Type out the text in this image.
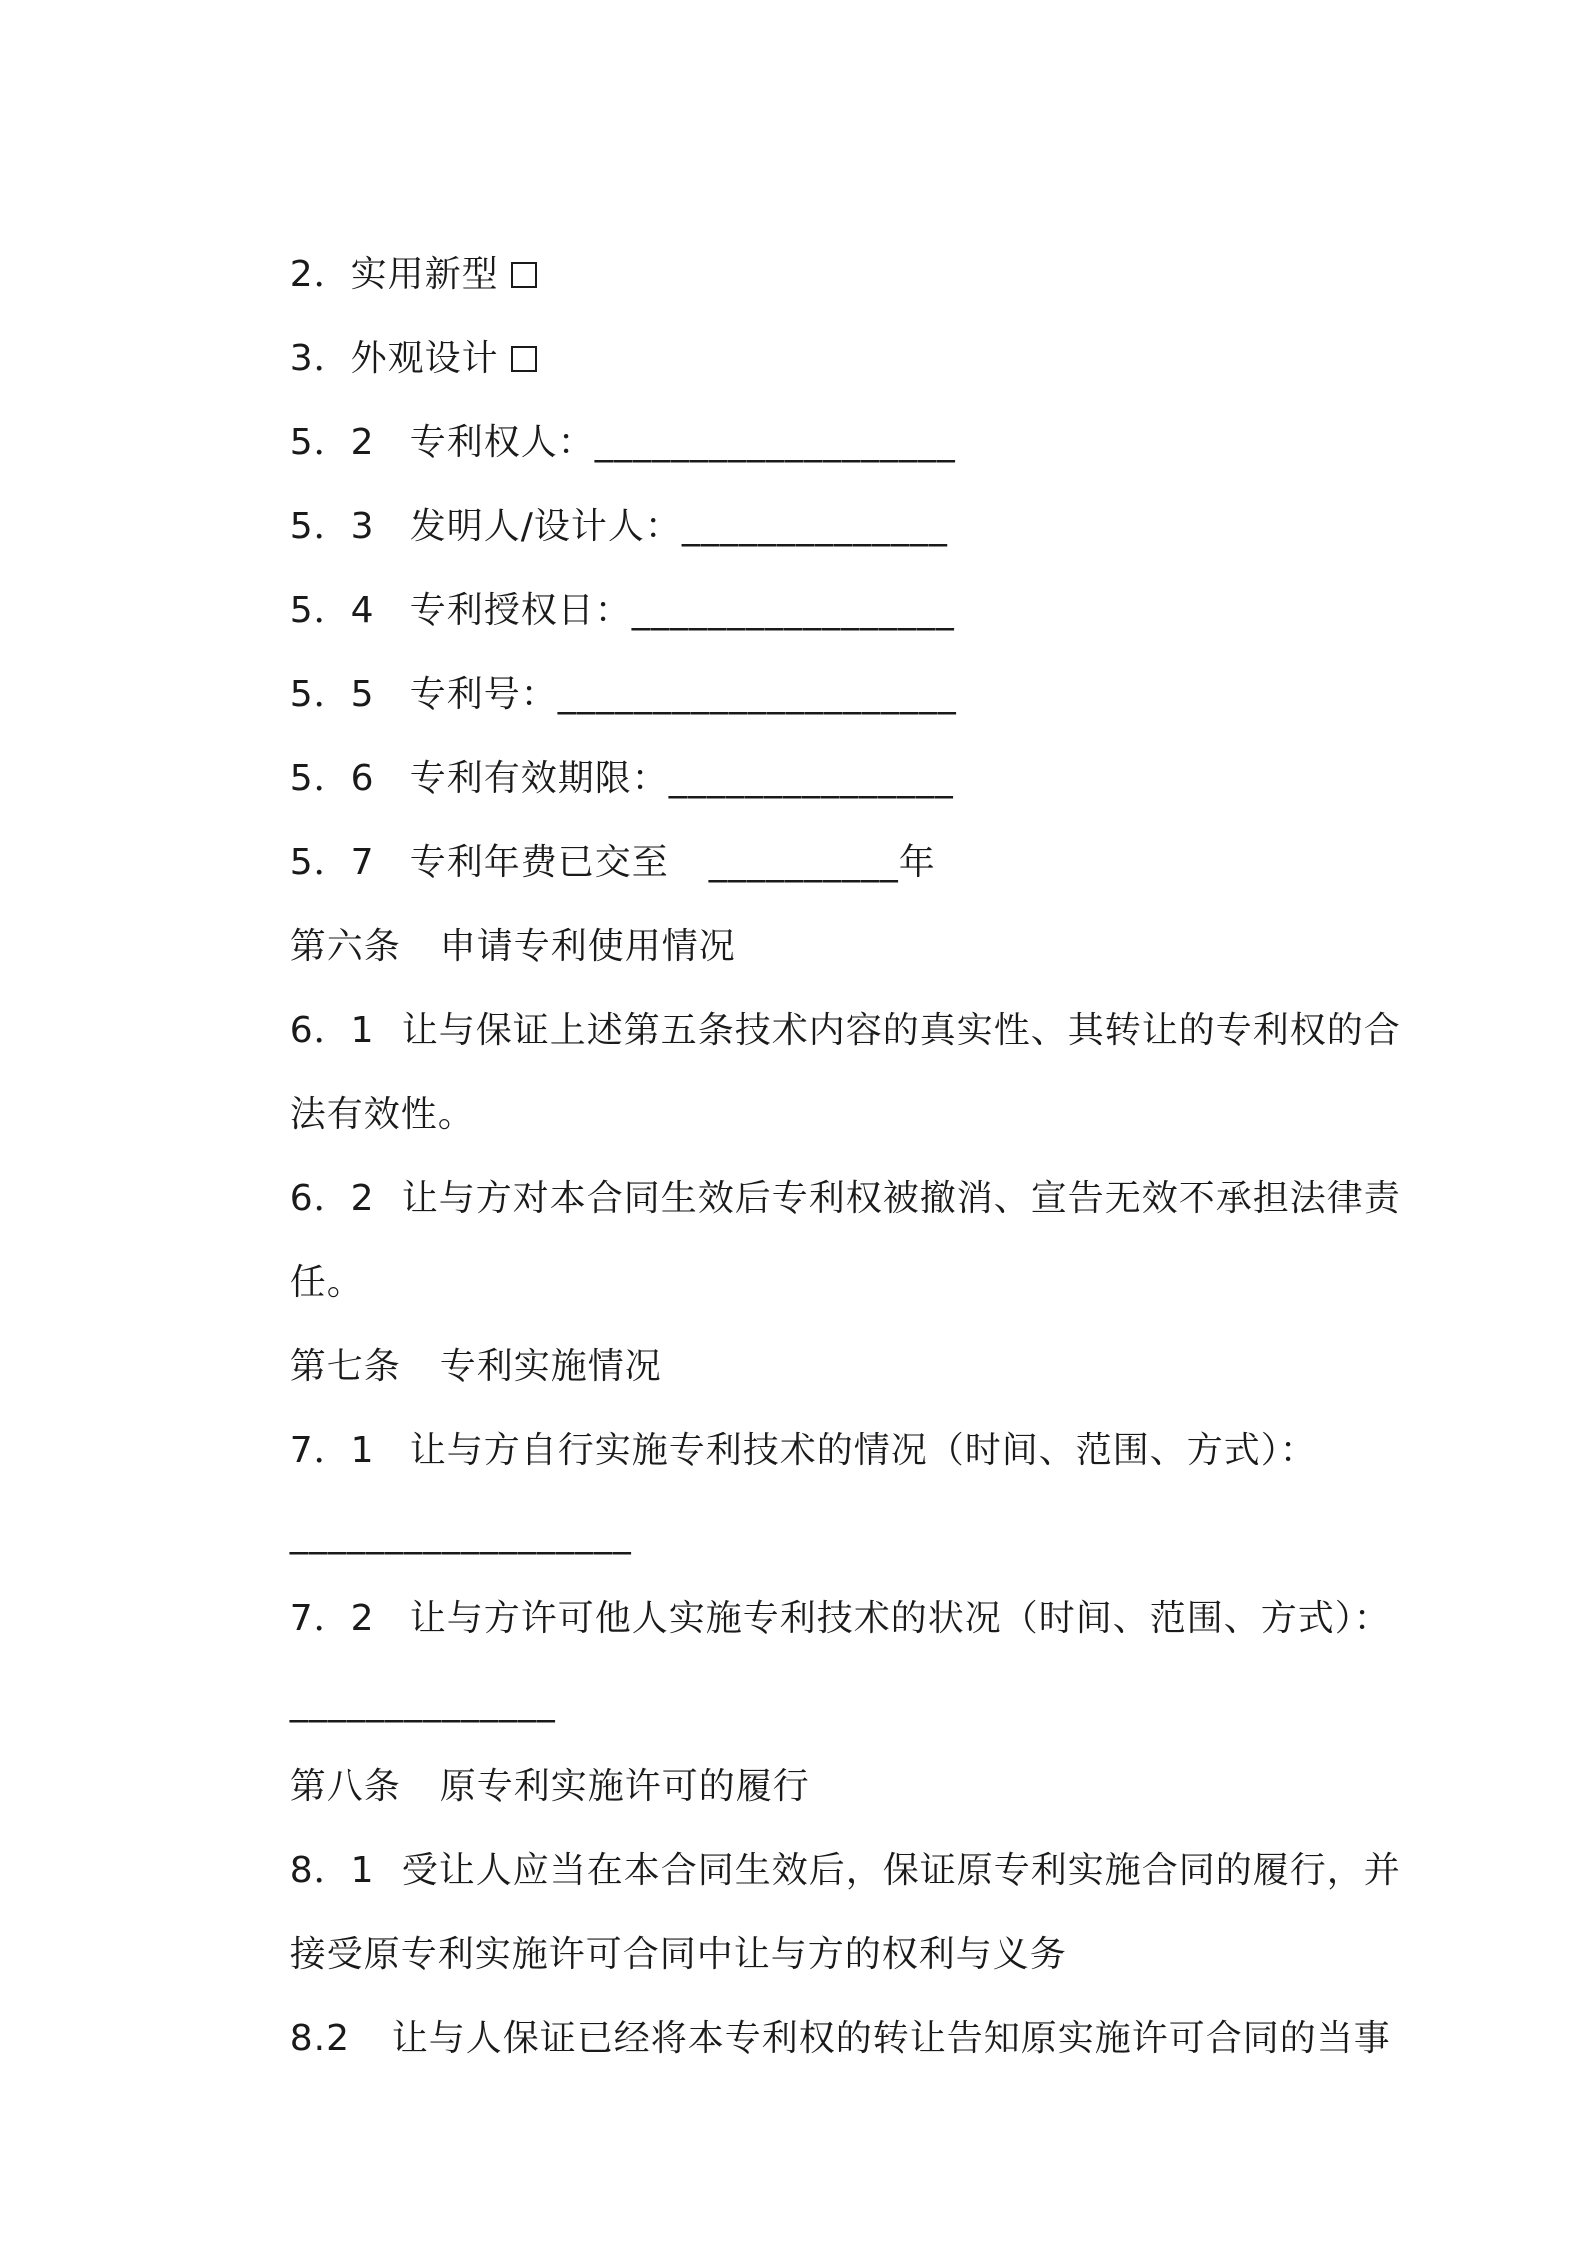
2．实用新型

3．外观设计

5．2 专利权人：___________________

5．3 发明人/设计人：______________

5．4 专利授权日：_________________

5．5 专利号：_____________________

5．6 专利有效期限：_______________

5．7 专利年费已交至 __________年

第六条 申请专利使用情况

6．1 让与保证上述第五条技术内容的真实性、其转让的专利权的合

法有效性。

6．2 让与方对本合同生效后专利权被撤消、宣告无效不承担法律责

任。

第七条 专利实施情况

7．1 让与方自行实施专利技术的情况（时间、范围、方式）：

__________________

7．2 让与方许可他人实施专利技术的状况（时间、范围、方式）：

______________

第八条 原专利实施许可的履行

8．1 受让人应当在本合同生效后，保证原专利实施合同的履行，并

接受原专利实施许可合同中让与方的权利与义务

8.2 让与人保证已经将本专利权的转让告知原实施许可合同的当事
